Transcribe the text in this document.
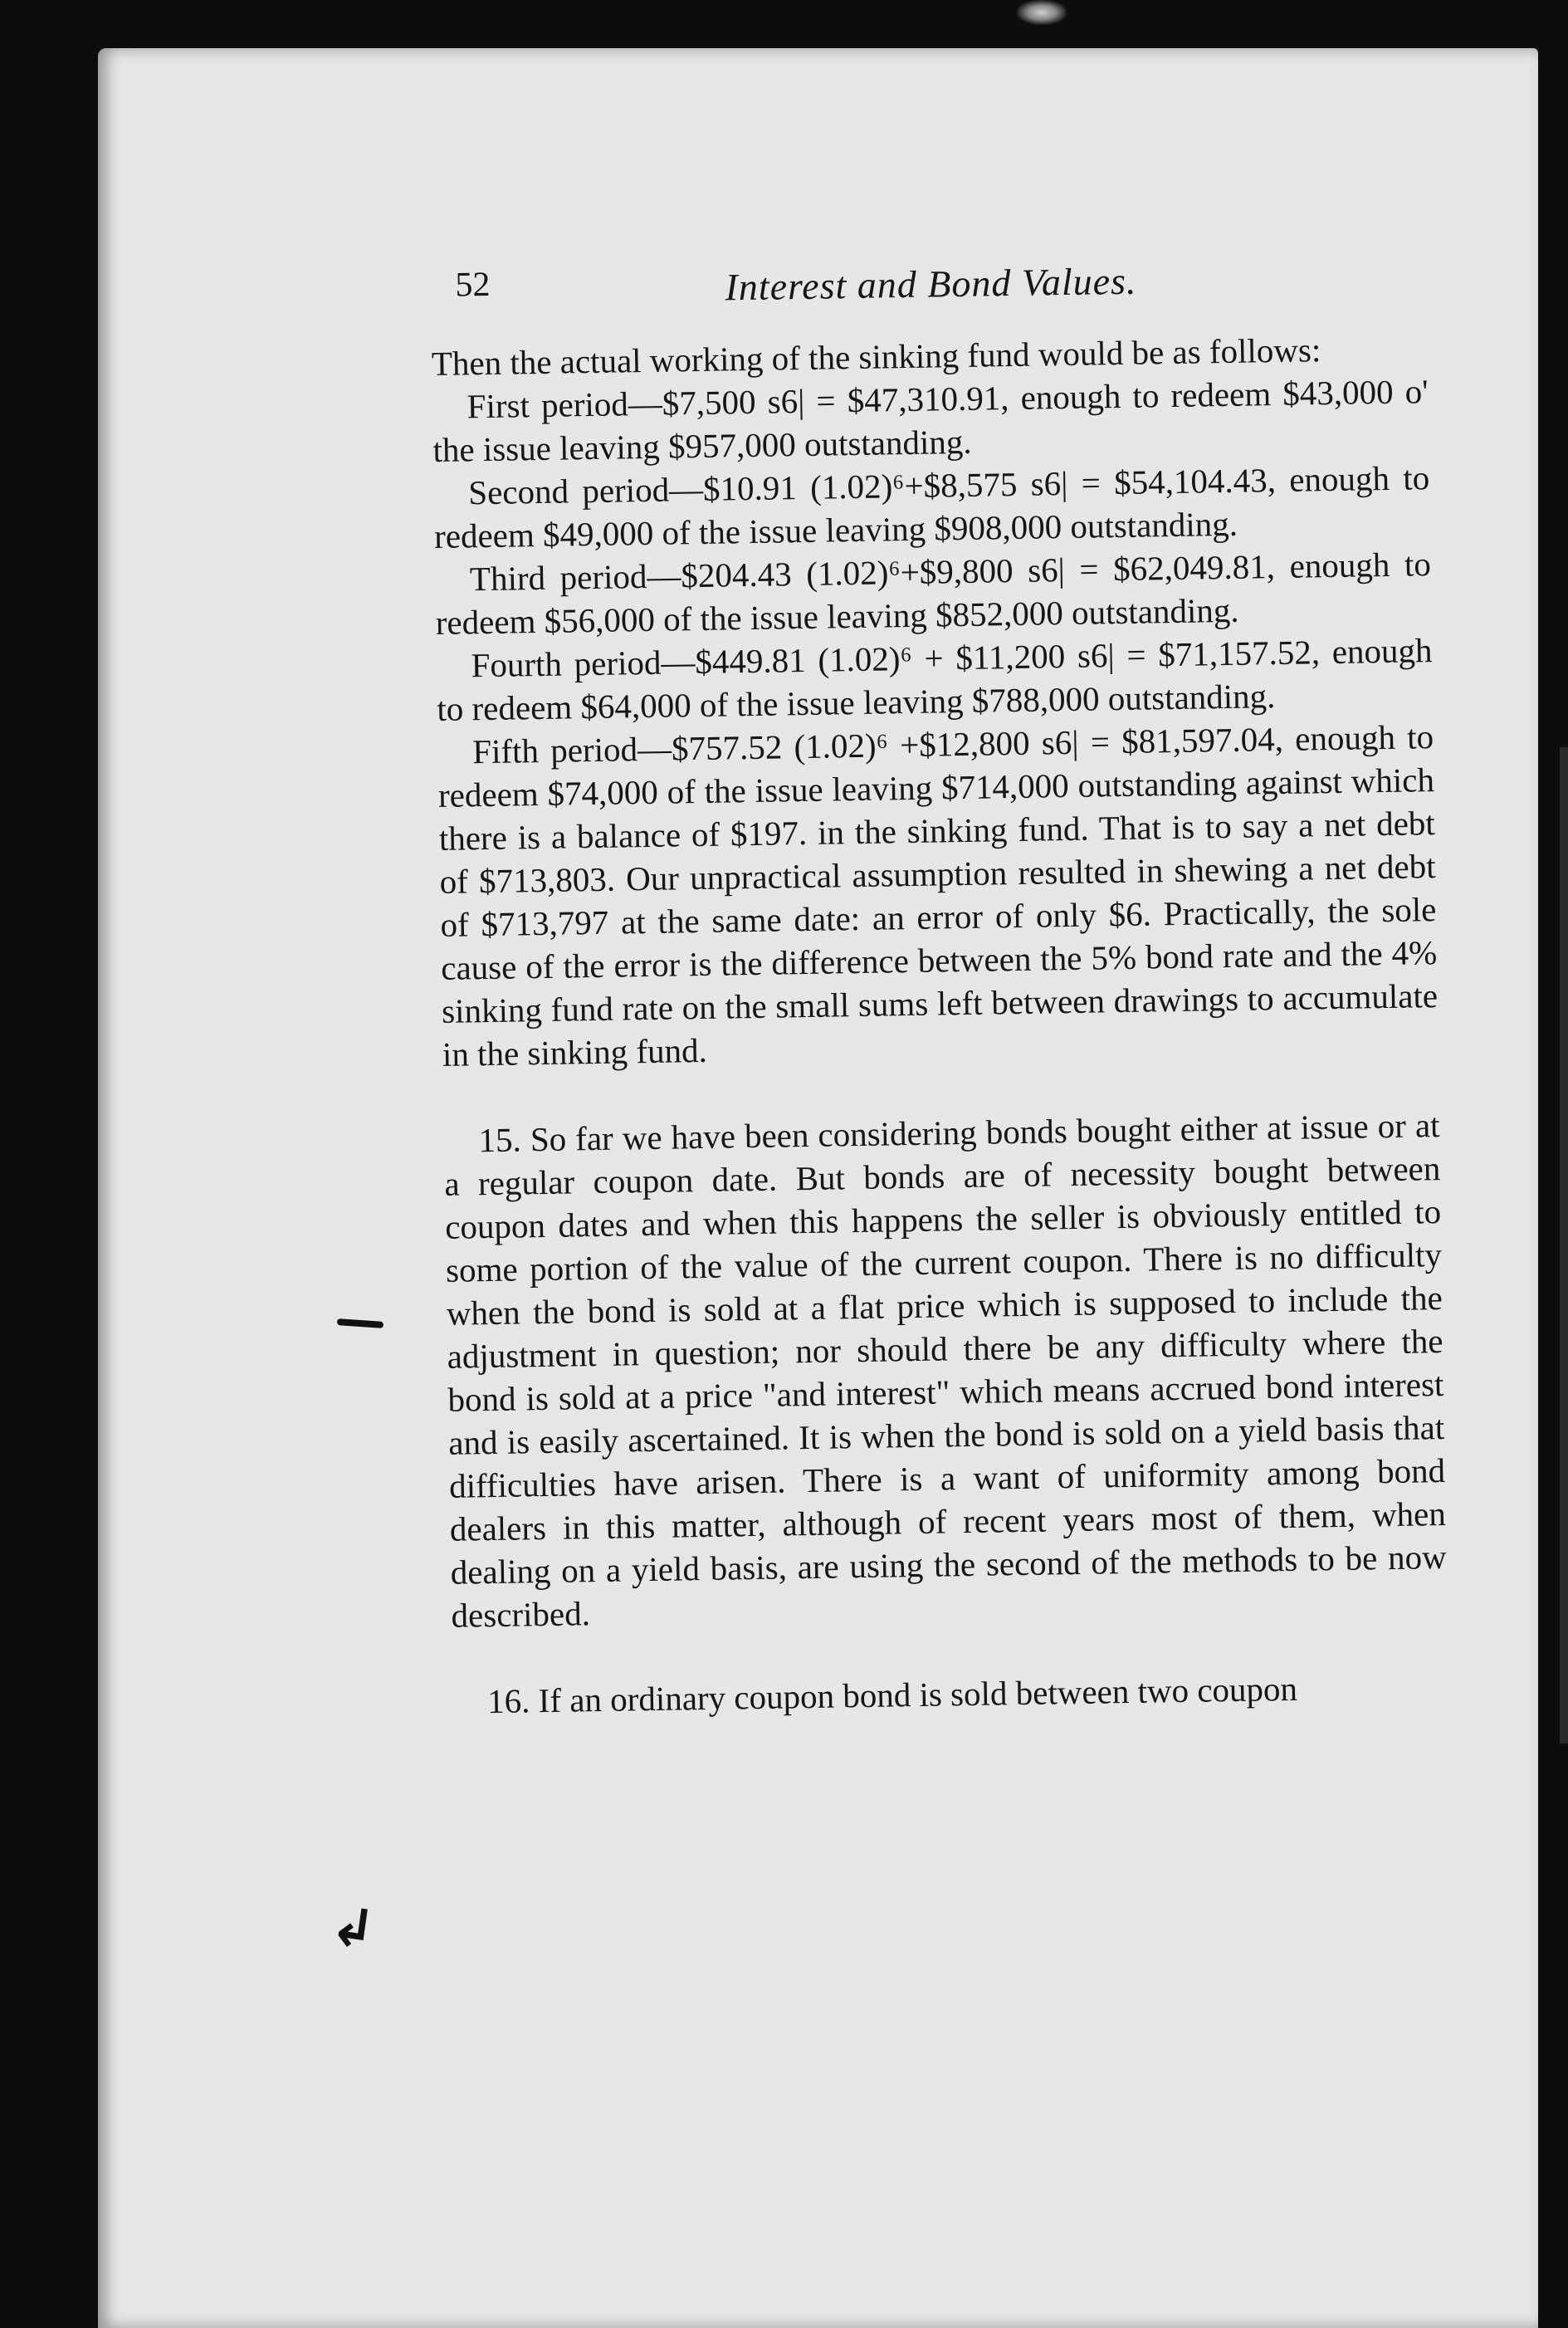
52	Interest and Bond Values.

Then the actual working of the sinking fund would be as follows:

First period—$7,500 s6| = $47,310.91, enough to redeem $43,000 o' the issue leaving $957,000 outstanding.

Second period—$10.91 (1.02)⁶+$8,575 s6| = $54,104.43, enough to redeem $49,000 of the issue leaving $908,000 outstanding.

Third period—$204.43 (1.02)⁶+$9,800 s6| = $62,049.81, enough to redeem $56,000 of the issue leaving $852,000 outstanding.

Fourth period—$449.81 (1.02)⁶ + $11,200 s6| = $71,157.52, enough to redeem $64,000 of the issue leaving $788,000 outstanding.

Fifth period—$757.52 (1.02)⁶ +$12,800 s6| = $81,597.04, enough to redeem $74,000 of the issue leaving $714,000 outstanding against which there is a balance of $197. in the sinking fund. That is to say a net debt of $713,803. Our unpractical assumption resulted in shewing a net debt of $713,797 at the same date: an error of only $6. Practically, the sole cause of the error is the difference between the 5% bond rate and the 4% sinking fund rate on the small sums left between drawings to accumulate in the sinking fund.

15. So far we have been considering bonds bought either at issue or at a regular coupon date. But bonds are of necessity bought between coupon dates and when this happens the seller is obviously entitled to some portion of the value of the current coupon. There is no difficulty when the bond is sold at a flat price which is supposed to include the adjustment in question; nor should there be any difficulty where the bond is sold at a price "and interest" which means accrued bond interest and is easily ascertained. It is when the bond is sold on a yield basis that difficulties have arisen. There is a want of uniformity among bond dealers in this matter, although of recent years most of them, when dealing on a yield basis, are using the second of the methods to be now described.

16. If an ordinary coupon bond is sold between two coupon

↲
